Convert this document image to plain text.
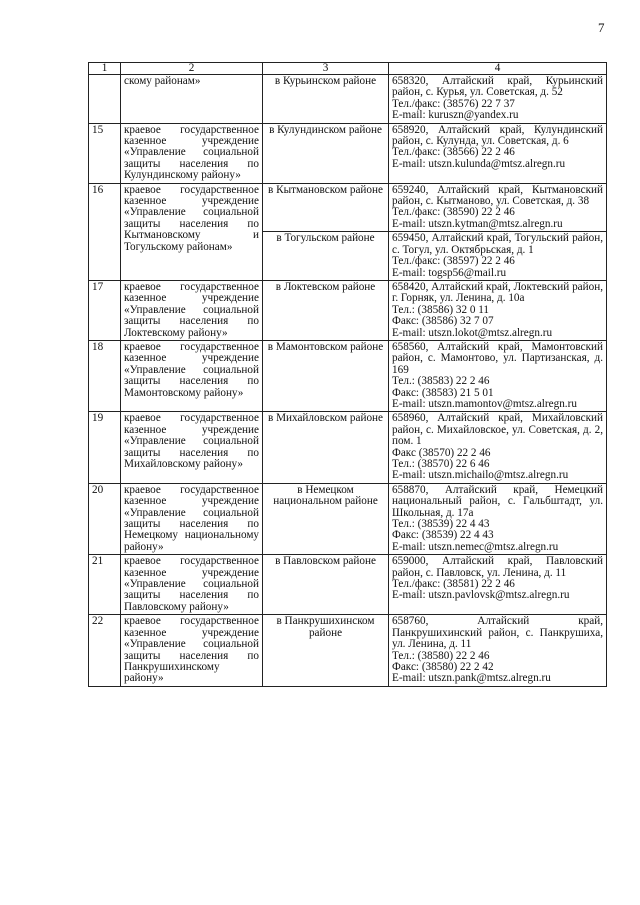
7
1	2	3	4
	скому районам»	в Курьинском районе	658320, Алтайский край, Курьинский район, с. Курья, ул. Советская, д. 52
Тел./факс: (38576) 22 7 37
E-mail: kuruszn@yandex.ru

15	краевое государственное казенное учреждение «Управление социальной защиты населения по Кулундинскому району»	в Кулундинском районе	658920, Алтайский край, Кулундинский район, с. Кулунда, ул. Советская, д. 6
Тел./факс: (38566) 22 2 46
E-mail: utszn.kulunda@mtsz.alregn.ru

16	краевое государственное казенное учреждение «Управление социальной защиты населения по Кытмановскому и Тогульскому районам»	в Кытмановском районе	659240, Алтайский край, Кытмановский район, с. Кытманово, ул. Советская, д. 38
Тел./факс: (38590) 22 2 46
E-mail: utszn.kytman@mtsz.alregn.ru

		в Тогульском районе	659450, Алтайский край, Тогульский район, с. Тогул, ул. Октябрьская, д. 1
Тел./факс: (38597) 22 2 46
E-mail: togsp56@mail.ru

17	краевое государственное казенное учреждение «Управление социальной защиты населения по Локтевскому району»	в Локтевском районе	658420, Алтайский край, Локтевский район, г. Горняк, ул. Ленина, д. 10а
Тел.: (38586) 32 0 11
Факс: (38586) 32 7 07
E-mail: utszn.lokot@mtsz.alregn.ru

18	краевое государственное казенное учреждение «Управление социальной защиты населения по Мамонтовскому району»	в Мамонтовском районе	658560, Алтайский край, Мамонтовский район, с. Мамонтово, ул. Партизанская, д. 169
Тел.: (38583) 22 2 46
Факс: (38583) 21 5 01
E-mail: utszn.mamontov@mtsz.alregn.ru

19	краевое государственное казенное учреждение «Управление социальной защиты населения по Михайловскому району»	в Михайловском районе	658960, Алтайский край, Михайловский район, с. Михайловское, ул. Советская, д. 2, пом. 1
Факс (38570) 22 2 46
Тел.: (38570) 22 6 46
E-mail: utszn.michailo@mtsz.alregn.ru

20	краевое государственное казенное учреждение «Управление социальной защиты населения по Немецкому национальному району»	в Немецком национальном районе	658870, Алтайский край, Немецкий национальный район, с. Гальбштадт, ул. Школьная, д. 17а
Тел.: (38539) 22 4 43
Факс: (38539) 22 4 43
E-mail: utszn.nemec@mtsz.alregn.ru

21	краевое государственное казенное учреждение «Управление социальной защиты населения по Павловскому району»	в Павловском районе	659000, Алтайский край, Павловский район, с. Павловск, ул. Ленина, д. 11
Тел./факс: (38581) 22 2 46
E-mail: utszn.pavlovsk@mtsz.alregn.ru

22	краевое государственное казенное учреждение «Управление социальной защиты населения по Панкрушихинскому району»	в Панкрушихинском районе	658760, Алтайский край, Панкрушихинский район, с. Панкрушиха, ул. Ленина, д. 11
Тел.: (38580) 22 2 46
Факс: (38580) 22 2 42
E-mail: utszn.pank@mtsz.alregn.ru
